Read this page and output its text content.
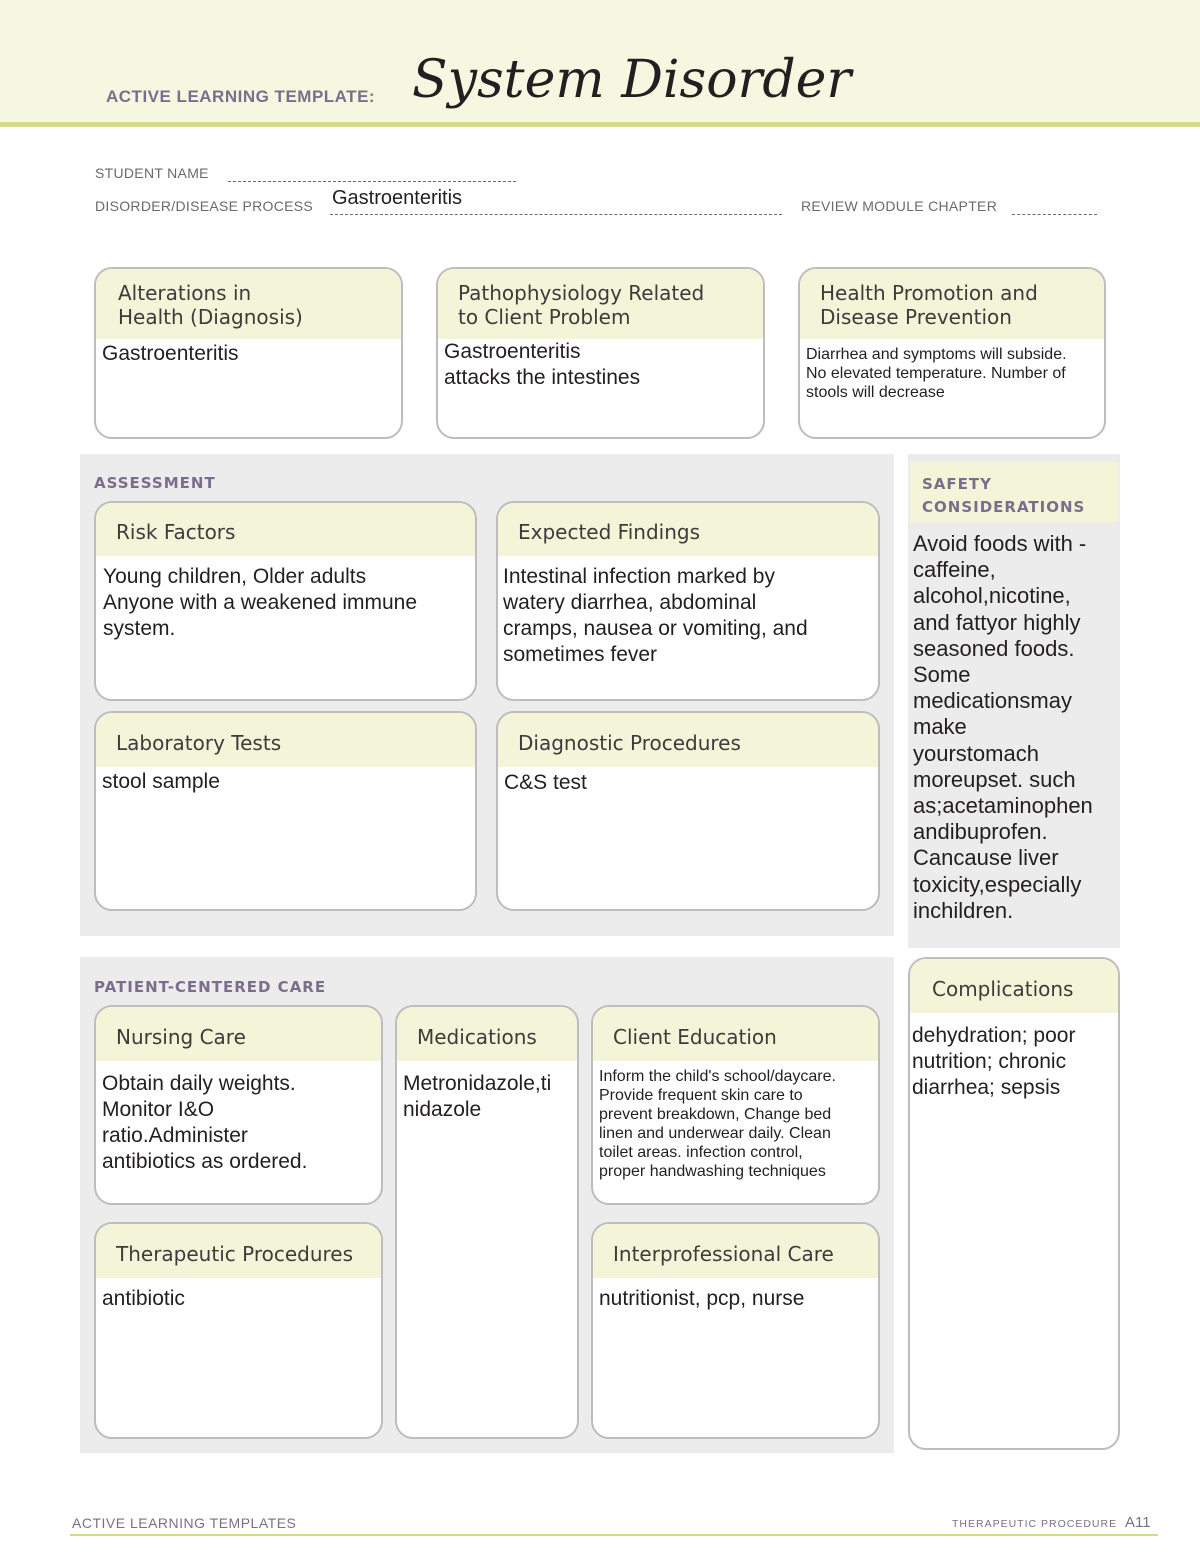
ACTIVE LEARNING TEMPLATE: System Disorder
STUDENT NAME
DISORDER/DISEASE PROCESS Gastroenteritis	REVIEW MODULE CHAPTER
Alterations in
Health (Diagnosis)
Gastroenteritis
Pathophysiology Related
to Client Problem
Gastroenteritis
attacks the intestines
Health Promotion and
Disease Prevention
Diarrhea and symptoms will subside.
No elevated temperature. Number of
stools will decrease
ASSESSMENT
Risk Factors
Young children, Older adults
Anyone with a weakened immune
system.
Expected Findings
Intestinal infection marked by
watery diarrhea, abdominal
cramps, nausea or vomiting, and
sometimes fever
Laboratory Tests
stool sample
Diagnostic Procedures
C&S test
SAFETY
CONSIDERATIONS
Avoid foods with -
caffeine,
alcohol,nicotine,
and fattyor highly
seasoned foods.
Some
medicationsmay
make
yourstomach
moreupset. such
as;acetaminophen
andibuprofen.
Cancause liver
toxicity,especially
inchildren.
Complications
dehydration; poor
nutrition; chronic
diarrhea; sepsis
PATIENT-CENTERED CARE
Nursing Care
Obtain daily weights.
Monitor I&O
ratio.Administer
antibiotics as ordered.
Medications
Metronidazole,ti
nidazole
Client Education
Inform the child's school/daycare.
Provide frequent skin care to
prevent breakdown, Change bed
linen and underwear daily. Clean
toilet areas. infection control,
proper handwashing techniques
Therapeutic Procedures
antibiotic
Interprofessional Care
nutritionist, pcp, nurse
ACTIVE LEARNING TEMPLATES	THERAPEUTIC PROCEDURE A11
